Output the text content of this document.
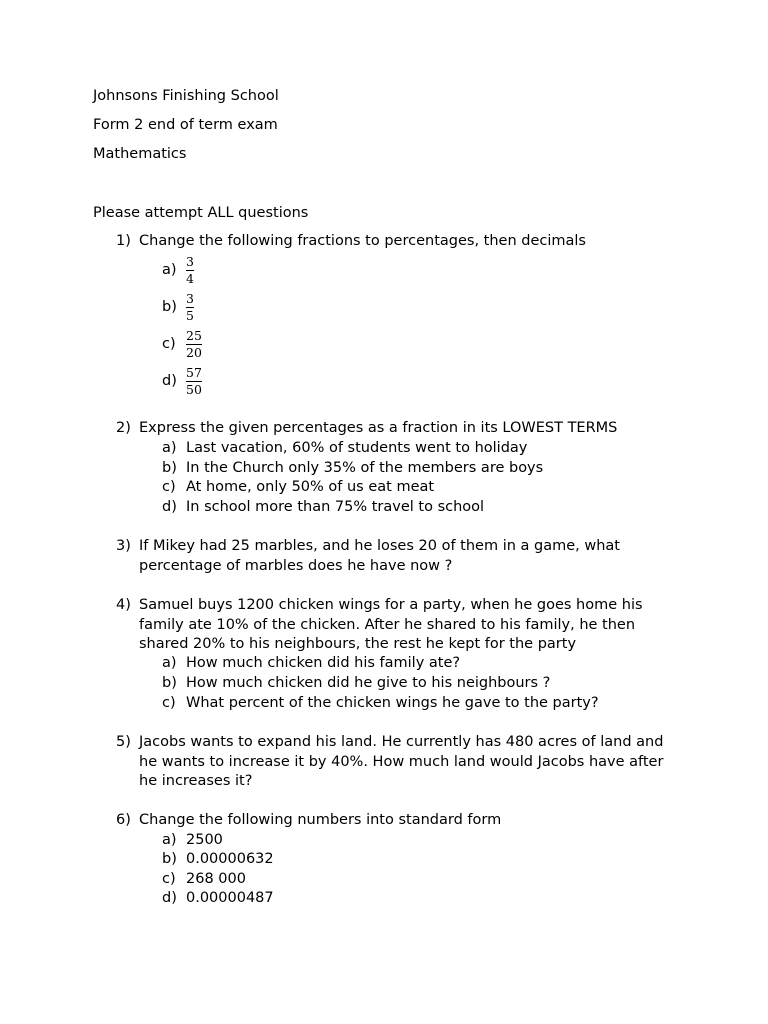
Johnsons Finishing School
Form 2 end of term exam
Mathematics
Please attempt ALL questions
1) Change the following fractions to percentages, then decimals
a)
3
4
b)
3
5
c)
25
20
d)
57
50
2) Express the given percentages as a fraction in its LOWEST TERMS
a) Last vacation, 60% of students went to holiday
b) In the Church only 35% of the members are boys
c) At home, only 50% of us eat meat
d) In school more than 75% travel to school
3) If Mikey had 25 marbles, and he loses 20 of them in a game, what percentage of marbles does he have now ?
4) Samuel buys 1200 chicken wings for a party, when he goes home his family ate 10% of the chicken. After he shared to his family, he then shared 20% to his neighbours, the rest he kept for the party
a) How much chicken did his family ate?
b) How much chicken did he give to his neighbours ?
c) What percent of the chicken wings he gave to the party?
5) Jacobs wants to expand his land. He currently has 480 acres of land and he wants to increase it by 40%. How much land would Jacobs have after he increases it?
6) Change the following numbers into standard form
a) 2500
b) 0.00000632
c) 268 000
d) 0.00000487
